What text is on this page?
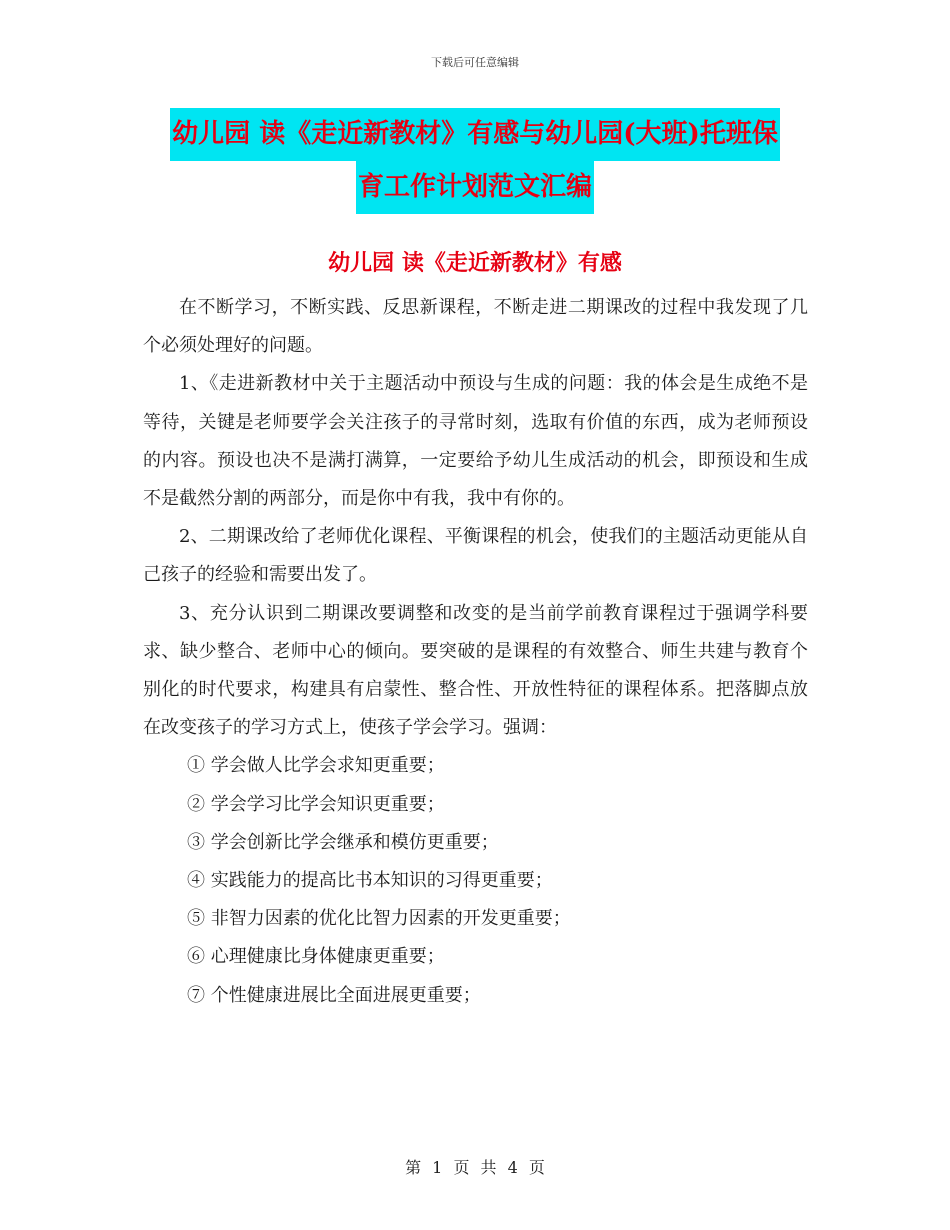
下载后可任意编辑
幼儿园 读《走近新教材》有感与幼儿园(大班)托班保
育工作计划范文汇编
幼儿园 读《走近新教材》有感

在不断学习，不断实践、反思新课程，不断走进二期课改的过程中我发现了几个必须处理好的问题。

1、《走进新教材中关于主题活动中预设与生成的问题：我的体会是生成绝不是等待，关键是老师要学会关注孩子的寻常时刻，选取有价值的东西，成为老师预设的内容。预设也决不是满打满算，一定要给予幼儿生成活动的机会，即预设和生成不是截然分割的两部分，而是你中有我，我中有你的。

2、二期课改给了老师优化课程、平衡课程的机会，使我们的主题活动更能从自己孩子的经验和需要出发了。

3、充分认识到二期课改要调整和改变的是当前学前教育课程过于强调学科要求、缺少整合、老师中心的倾向。要突破的是课程的有效整合、师生共建与教育个别化的时代要求，构建具有启蒙性、整合性、开放性特征的课程体系。把落脚点放在改变孩子的学习方式上，使孩子学会学习。强调：

① 学会做人比学会求知更重要；

② 学会学习比学会知识更重要；

③ 学会创新比学会继承和模仿更重要；

④ 实践能力的提高比书本知识的习得更重要；

⑤ 非智力因素的优化比智力因素的开发更重要；

⑥ 心理健康比身体健康更重要；

⑦ 个性健康进展比全面进展更重要；

第 1 页 共 4 页
